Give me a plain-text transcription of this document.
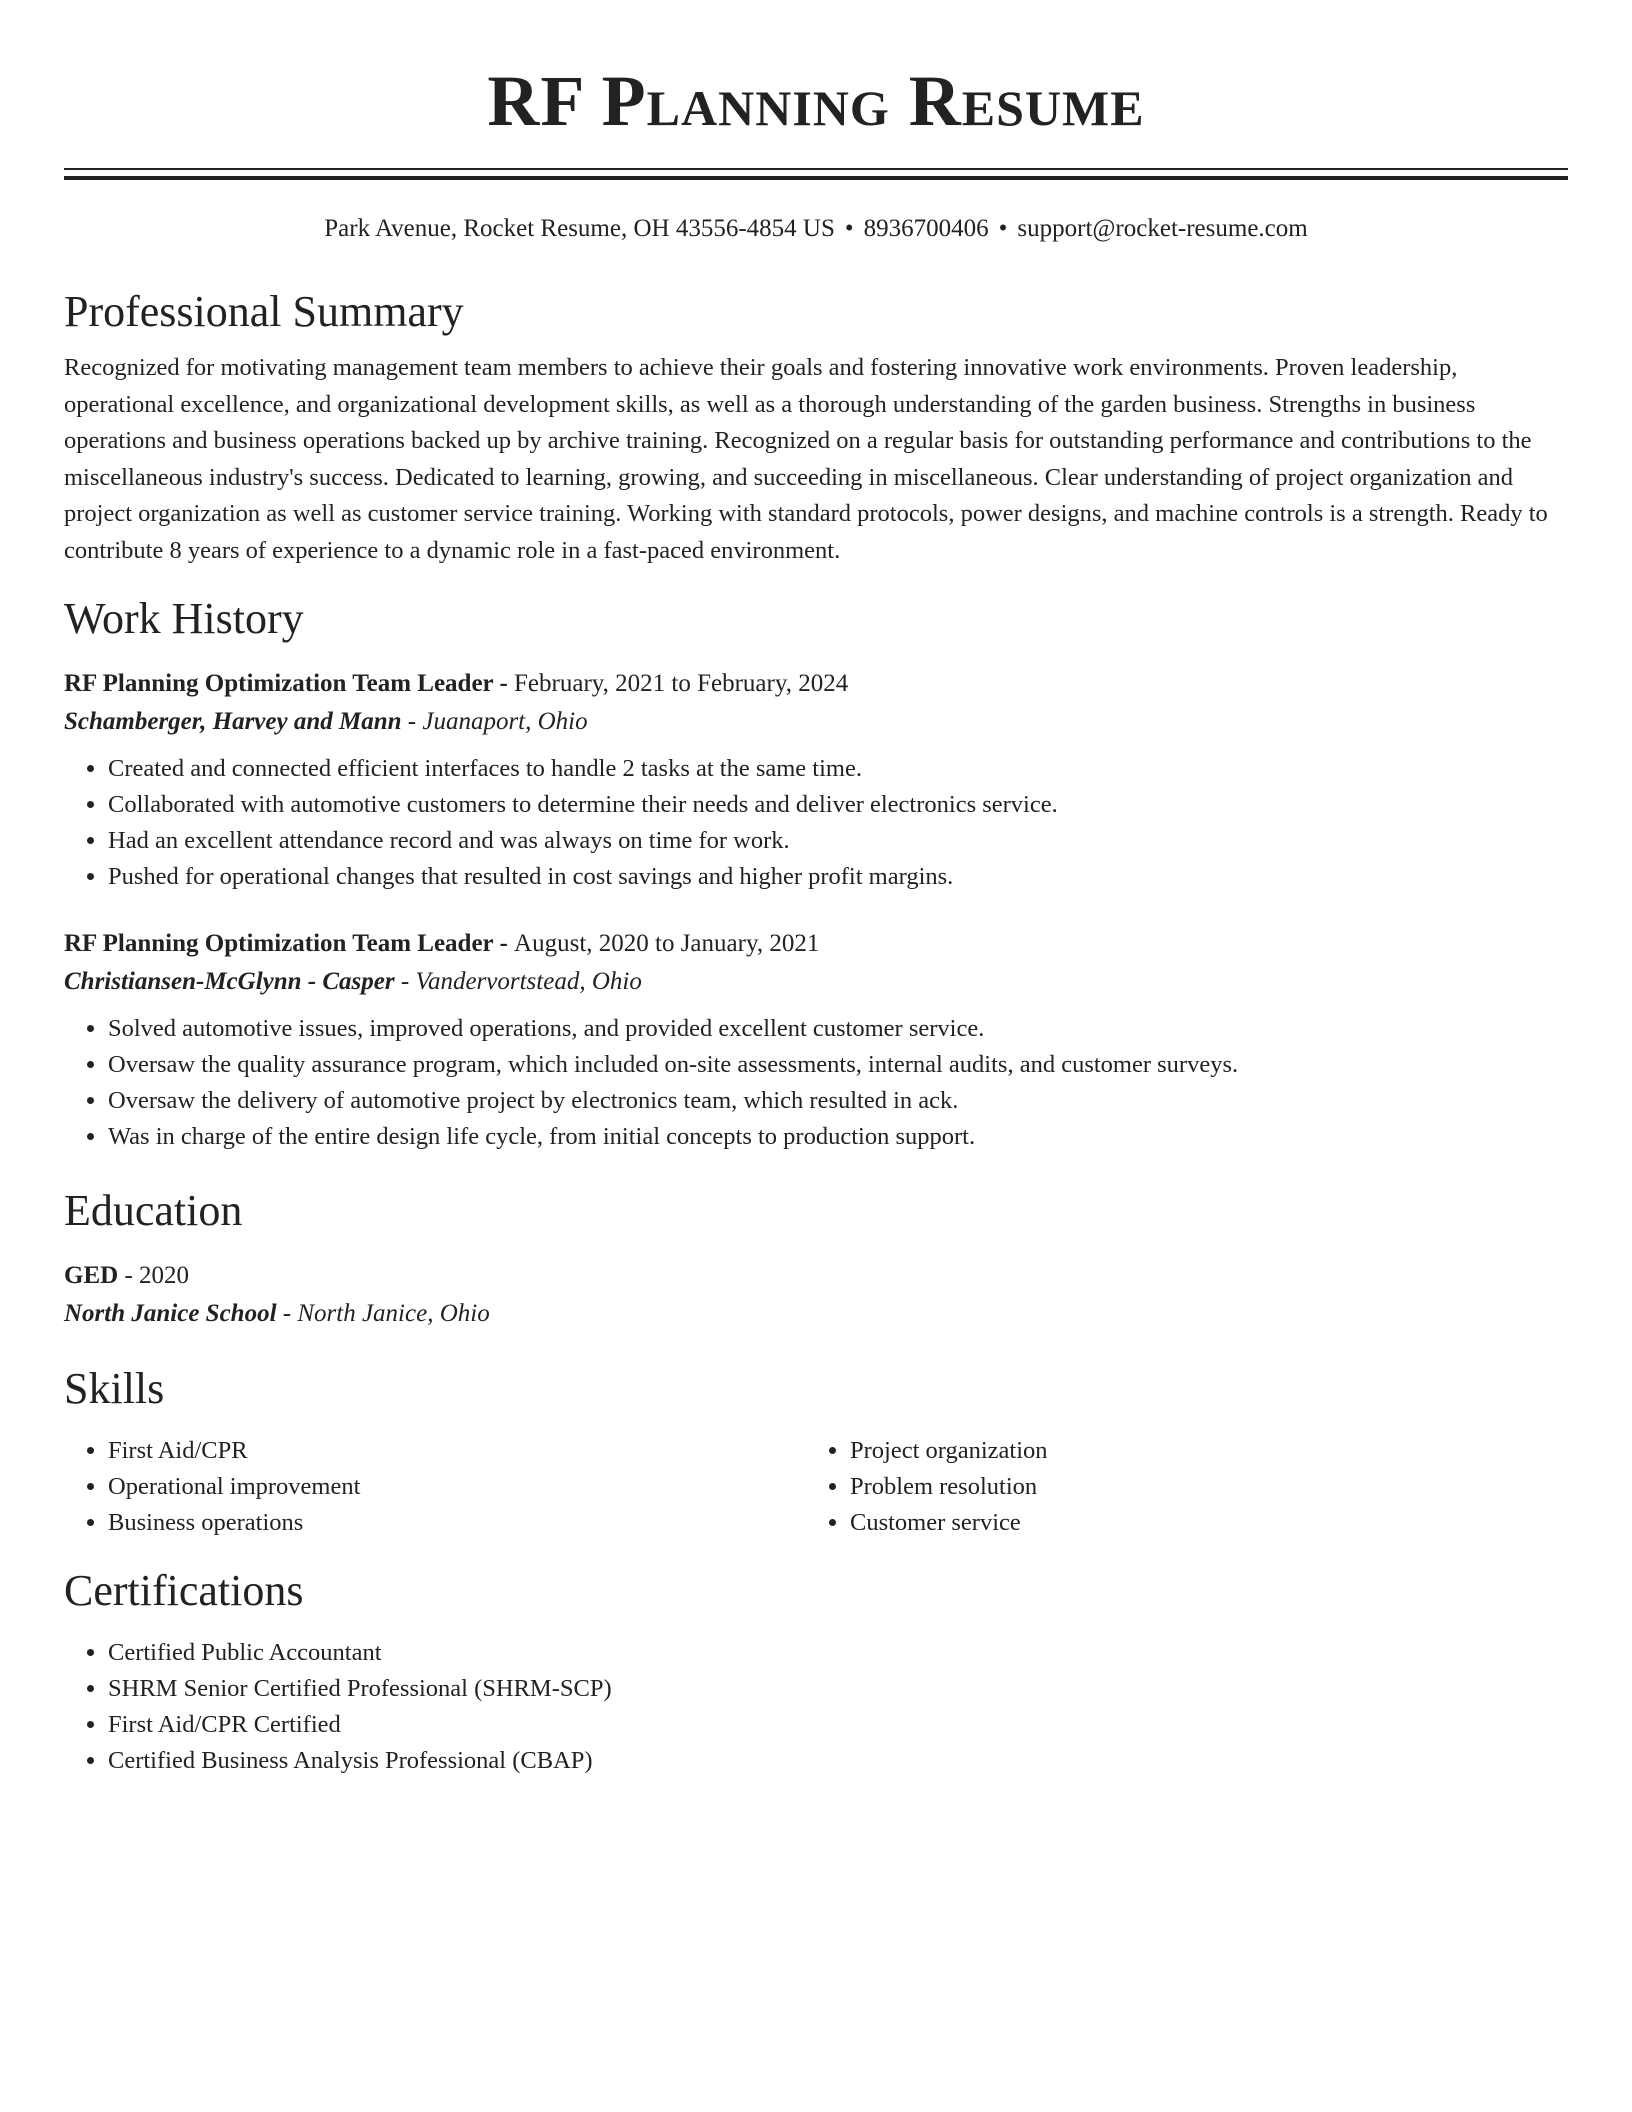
RF Planning Resume
Park Avenue, Rocket Resume, OH 43556-4854 US • 8936700406 • support@rocket-resume.com
Professional Summary
Recognized for motivating management team members to achieve their goals and fostering innovative work environments. Proven leadership, operational excellence, and organizational development skills, as well as a thorough understanding of the garden business. Strengths in business operations and business operations backed up by archive training. Recognized on a regular basis for outstanding performance and contributions to the miscellaneous industry's success. Dedicated to learning, growing, and succeeding in miscellaneous. Clear understanding of project organization and project organization as well as customer service training. Working with standard protocols, power designs, and machine controls is a strength. Ready to contribute 8 years of experience to a dynamic role in a fast-paced environment.
Work History
RF Planning Optimization Team Leader - February, 2021 to February, 2024
Schamberger, Harvey and Mann - Juanaport, Ohio
• Created and connected efficient interfaces to handle 2 tasks at the same time.
• Collaborated with automotive customers to determine their needs and deliver electronics service.
• Had an excellent attendance record and was always on time for work.
• Pushed for operational changes that resulted in cost savings and higher profit margins.
RF Planning Optimization Team Leader - August, 2020 to January, 2021
Christiansen-McGlynn - Casper - Vandervortstead, Ohio
• Solved automotive issues, improved operations, and provided excellent customer service.
• Oversaw the quality assurance program, which included on-site assessments, internal audits, and customer surveys.
• Oversaw the delivery of automotive project by electronics team, which resulted in ack.
• Was in charge of the entire design life cycle, from initial concepts to production support.
Education
GED - 2020
North Janice School - North Janice, Ohio
Skills
• First Aid/CPR
• Operational improvement
• Business operations
• Project organization
• Problem resolution
• Customer service
Certifications
• Certified Public Accountant
• SHRM Senior Certified Professional (SHRM-SCP)
• First Aid/CPR Certified
• Certified Business Analysis Professional (CBAP)
